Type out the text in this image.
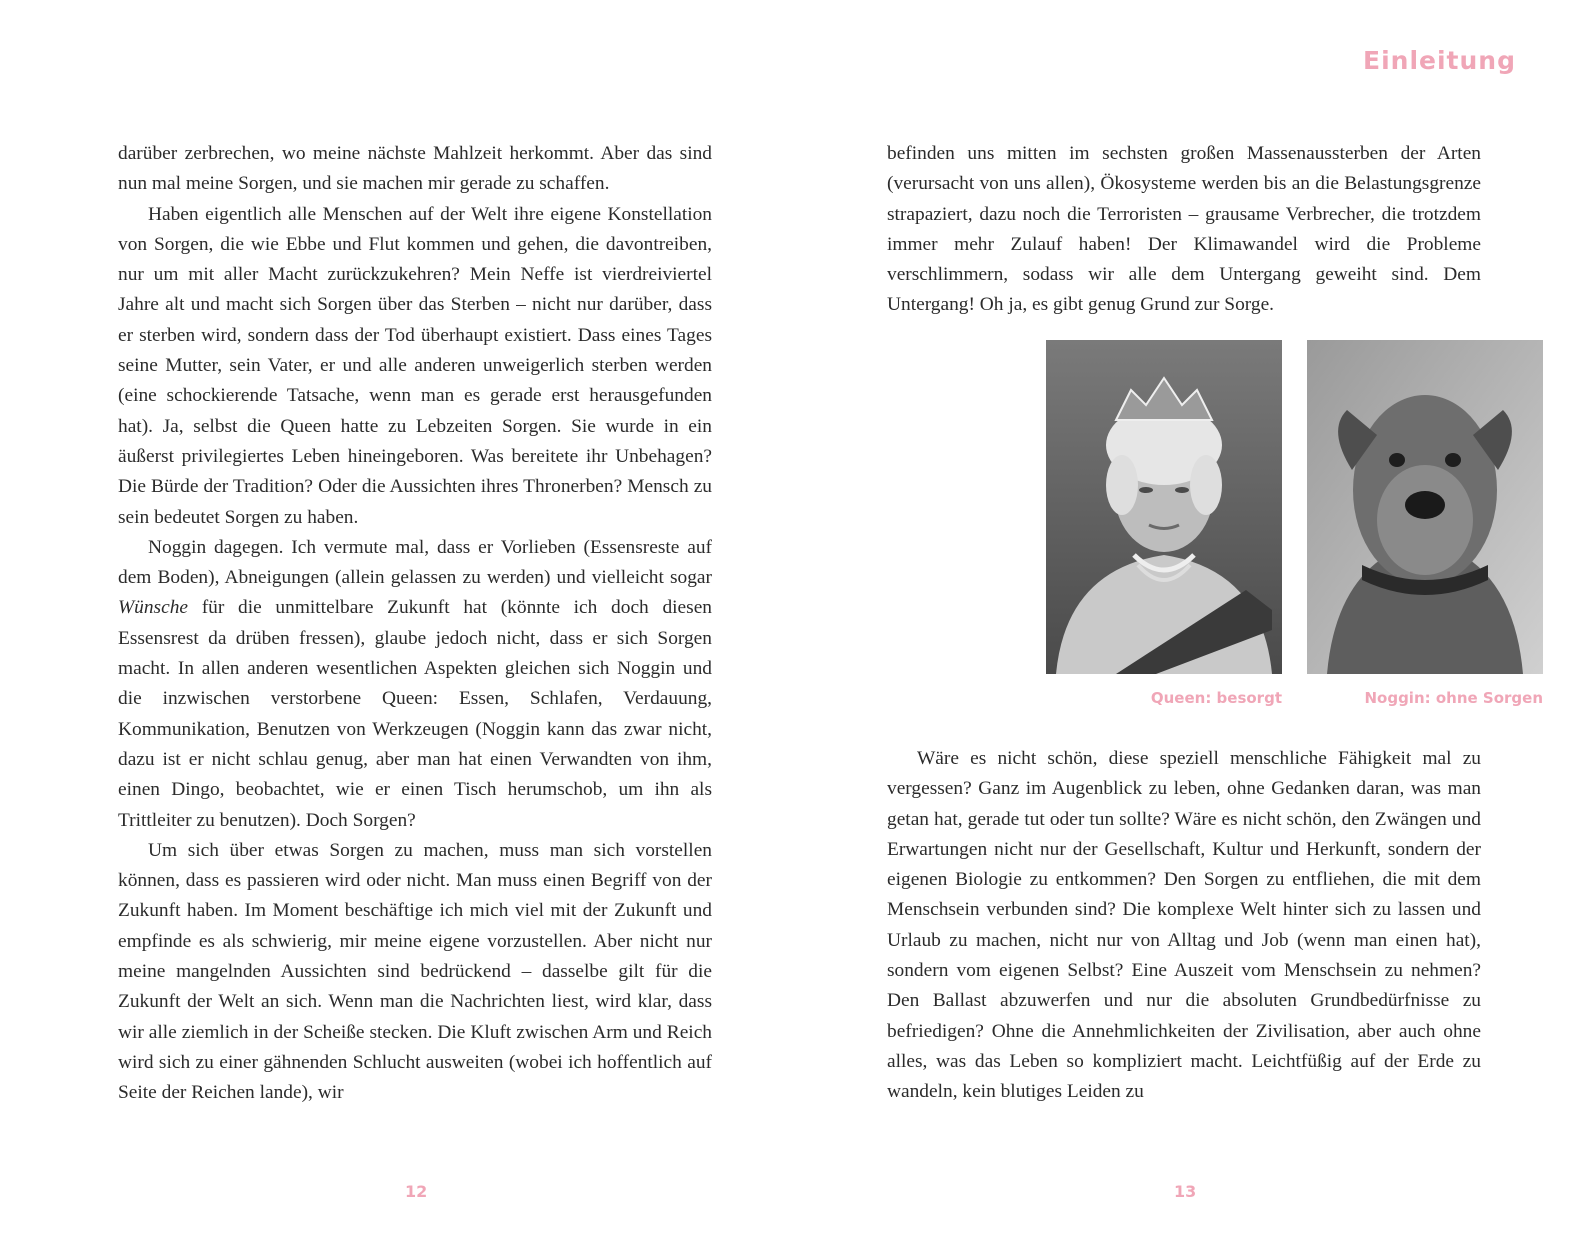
Einleitung

darüber zerbrechen, wo meine nächste Mahlzeit herkommt. Aber das sind nun mal meine Sorgen, und sie machen mir gerade zu schaffen.

Haben eigentlich alle Menschen auf der Welt ihre eigene Konstellation von Sorgen, die wie Ebbe und Flut kommen und gehen, die davontreiben, nur um mit aller Macht zurückzukehren? Mein Neffe ist vierdreiviertel Jahre alt und macht sich Sorgen über das Sterben – nicht nur darüber, dass er sterben wird, sondern dass der Tod überhaupt existiert. Dass eines Tages seine Mutter, sein Vater, er und alle anderen unweigerlich sterben werden (eine schockierende Tatsache, wenn man es gerade erst herausgefunden hat). Ja, selbst die Queen hatte zu Lebzeiten Sorgen. Sie wurde in ein äußerst privilegiertes Leben hineingeboren. Was bereitete ihr Unbehagen? Die Bürde der Tradition? Oder die Aussichten ihres Thronerben? Mensch zu sein bedeutet Sorgen zu haben.

Noggin dagegen. Ich vermute mal, dass er Vorlieben (Essensreste auf dem Boden), Abneigungen (allein gelassen zu werden) und vielleicht sogar Wünsche für die unmittelbare Zukunft hat (könnte ich doch diesen Essensrest da drüben fressen), glaube jedoch nicht, dass er sich Sorgen macht. In allen anderen wesentlichen Aspekten gleichen sich Noggin und die inzwischen verstorbene Queen: Essen, Schlafen, Verdauung, Kommunikation, Benutzen von Werkzeugen (Noggin kann das zwar nicht, dazu ist er nicht schlau genug, aber man hat einen Verwandten von ihm, einen Dingo, beobachtet, wie er einen Tisch herumschob, um ihn als Trittleiter zu benutzen). Doch Sorgen?

Um sich über etwas Sorgen zu machen, muss man sich vorstellen können, dass es passieren wird oder nicht. Man muss einen Begriff von der Zukunft haben. Im Moment beschäftige ich mich viel mit der Zukunft und empfinde es als schwierig, mir meine eigene vorzustellen. Aber nicht nur meine mangelnden Aussichten sind bedrückend – dasselbe gilt für die Zukunft der Welt an sich. Wenn man die Nachrichten liest, wird klar, dass wir alle ziemlich in der Scheiße stecken. Die Kluft zwischen Arm und Reich wird sich zu einer gähnenden Schlucht ausweiten (wobei ich hoffentlich auf Seite der Reichen lande), wir

befinden uns mitten im sechsten großen Massenaussterben der Arten (verursacht von uns allen), Ökosysteme werden bis an die Belastungsgrenze strapaziert, dazu noch die Terroristen – grausame Verbrecher, die trotzdem immer mehr Zulauf haben! Der Klimawandel wird die Probleme verschlimmern, sodass wir alle dem Untergang geweiht sind. Dem Untergang! Oh ja, es gibt genug Grund zur Sorge.

Queen: besorgt	Noggin: ohne Sorgen

Wäre es nicht schön, diese speziell menschliche Fähigkeit mal zu vergessen? Ganz im Augenblick zu leben, ohne Gedanken daran, was man getan hat, gerade tut oder tun sollte? Wäre es nicht schön, den Zwängen und Erwartungen nicht nur der Gesellschaft, Kultur und Herkunft, sondern der eigenen Biologie zu entkommen? Den Sorgen zu entfliehen, die mit dem Menschsein verbunden sind? Die komplexe Welt hinter sich zu lassen und Urlaub zu machen, nicht nur von Alltag und Job (wenn man einen hat), sondern vom eigenen Selbst? Eine Auszeit vom Menschsein zu nehmen? Den Ballast abzuwerfen und nur die absoluten Grundbedürfnisse zu befriedigen? Ohne die Annehmlichkeiten der Zivilisation, aber auch ohne alles, was das Leben so kompliziert macht. Leichtfüßig auf der Erde zu wandeln, kein blutiges Leiden zu

12	13
